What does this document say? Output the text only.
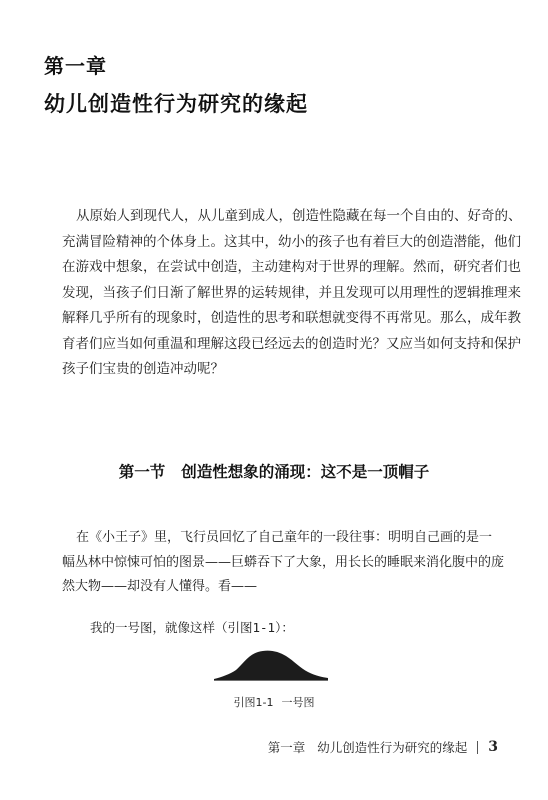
第一章
幼儿创造性行为研究的缘起

从原始人到现代人，从儿童到成人，创造性隐藏在每一个自由的、好奇的、
充满冒险精神的个体身上。这其中，幼小的孩子也有着巨大的创造潜能，他们
在游戏中想象，在尝试中创造，主动建构对于世界的理解。然而，研究者们也
发现，当孩子们日渐了解世界的运转规律，并且发现可以用理性的逻辑推理来
解释几乎所有的现象时，创造性的思考和联想就变得不再常见。那么，成年教
育者们应当如何重温和理解这段已经远去的创造时光？又应当如何支持和保护
孩子们宝贵的创造冲动呢？

第一节 创造性想象的涌现：这不是一顶帽子

在《小王子》里，飞行员回忆了自己童年的一段往事：明明自己画的是一
幅丛林中惊悚可怕的图景——巨蟒吞下了大象，用长长的睡眠来消化腹中的庞
然大物——却没有人懂得。看——

我的一号图，就像这样（引图1-1）：
引图1-1 一号图
第一章 幼儿创造性行为研究的缘起 3
